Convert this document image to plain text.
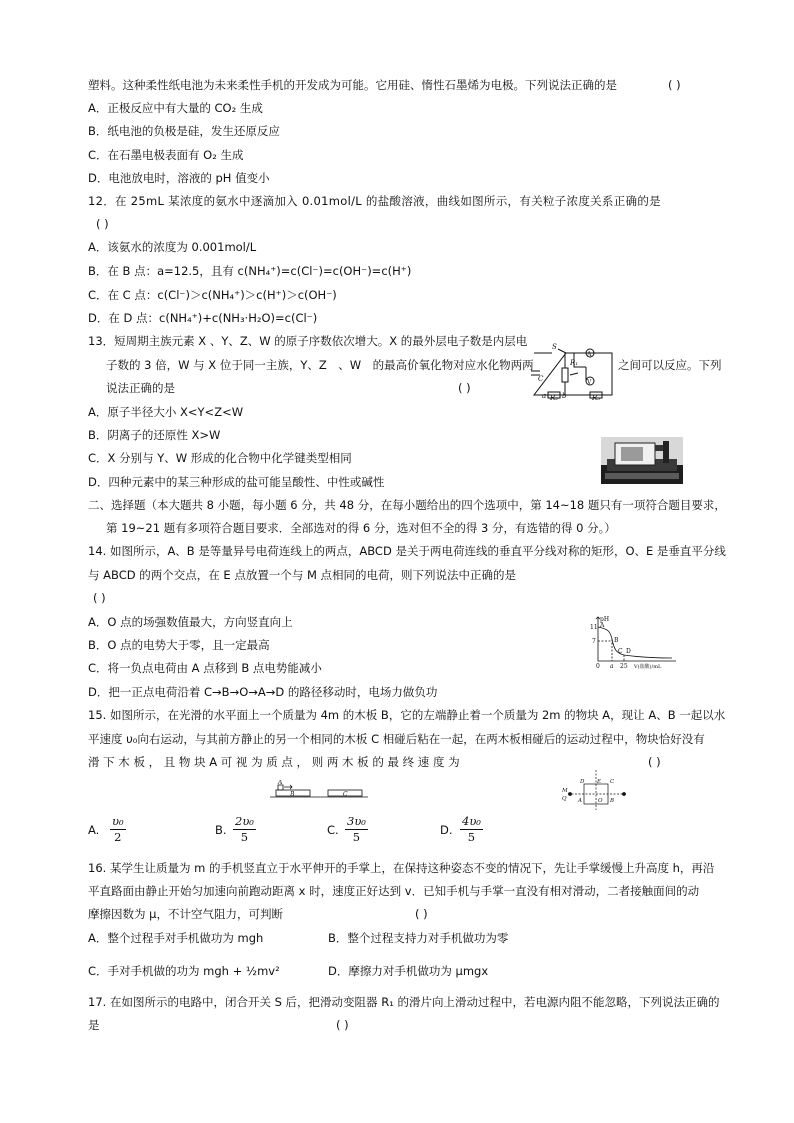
塑料。这种柔性纸电池为未来柔性手机的开发成为可能。它用硅、惰性石墨烯为电极。下列说法正确的是	( )
A．正极反应中有大量的 CO₂ 生成
B．纸电池的负极是硅，发生还原反应
C．在石墨电极表面有 O₂ 生成
D．电池放电时，溶液的 pH 值变小
12．在 25mL 某浓度的氨水中逐滴加入 0.01mol/L 的盐酸溶液，曲线如图所示，有关粒子浓度关系正确的是
( )
A．该氨水的浓度为 0.001mol/L
B．在 B 点：a=12.5，且有 c(NH₄⁺)=c(Cl⁻)=c(OH⁻)=c(H⁺)
C．在 C 点：c(Cl⁻)＞c(NH₄⁺)＞c(H⁺)＞c(OH⁻)
D．在 D 点：c(NH₄⁺)+c(NH₃·H₂O)=c(Cl⁻)
13．短周期主族元素 X 、Y、Z、W 的原子序数依次增大。X 的最外层电子数是内层电
子数的 3 倍，W 与 X 位于同一主族，Y、Z　、W　的最高价氧化物对应水化物两两	之间可以反应。下列
说法正确的是	( )
A．原子半径大小 X<Y<Z<W
B．阴离子的还原性 X>W
C．X 分别与 Y、W 形成的化合物中化学键类型相同
D．四种元素中的某三种形成的盐可能呈酸性、中性或碱性
S
R₁
A
V
C
R₂	R₃
a b
二、选择题（本大题共 8 小题，每小题 6 分，共 48 分，在每小题给出的四个选项中，第 14~18 题只有一项符合题目要求，
第 19~21 题有多项符合题目要求．全部选对的得 6 分，选对但不全的得 3 分，有选错的得 0 分。）
14. 如图所示，A、B 是等量异号电荷连线上的两点，ABCD 是关于两电荷连线的垂直平分线对称的矩形，O、E 是垂直平分线
与 ABCD 的两个交点，在 E 点放置一个与 M 点相同的电荷，则下列说法中正确的是
( )
A．O 点的场强数值最大，方向竖直向上
B．O 点的电势大于零，且一定最高
C．将一负点电荷由 A 点移到 B 点电势能减小
D．把一正点电荷沿着 C→B→O→A→D 的路径移动时，电场力做负功
pH
11
7
A
B
C D
0 a 25 V(盐酸)/mL
15. 如图所示，在光滑的水平面上一个质量为 4m 的木板 B，它的左端静止着一个质量为 2m 的物块 A，现让 A、B 一起以水
平速度 υ₀向右运动，与其前方静止的另一个相同的木板 C 相碰后粘在一起，在两木板相碰后的运动过程中，物块恰好没有
滑 下 木 板 ， 且 物 块 A 可 视 为 质 点 ， 则 两 木 板 的 最 终 速 度 为	( )
A
B	C	M
Q
D E C
A	O B
A. $\frac{\text{υ₀}}{2}$	B. $\frac{\text{2υ₀}}{5}$	C. $\frac{\text{3υ₀}}{5}$	D. $\frac{\text{4υ₀}}{5}$
16. 某学生让质量为 m 的手机竖直立于水平伸开的手掌上，在保持这种姿态不变的情况下，先让手掌缓慢上升高度 h，再沿
平直路面由静止开始匀加速向前跑动距离 x 时，速度正好达到 v．已知手机与手掌一直没有相对滑动，二者接触面间的动
摩擦因数为 μ，不计空气阻力，可判断	( )
A．整个过程手对手机做功为 mgh	B．整个过程支持力对手机做功为零
C．手对手机做的功为 mgh + ½mv²	D．摩擦力对手机做功为 μmgx
17. 在如图所示的电路中，闭合开关 S 后，把滑动变阻器 R₁ 的滑片向上滑动过程中，若电源内阻不能忽略，下列说法正确的
是	( )
